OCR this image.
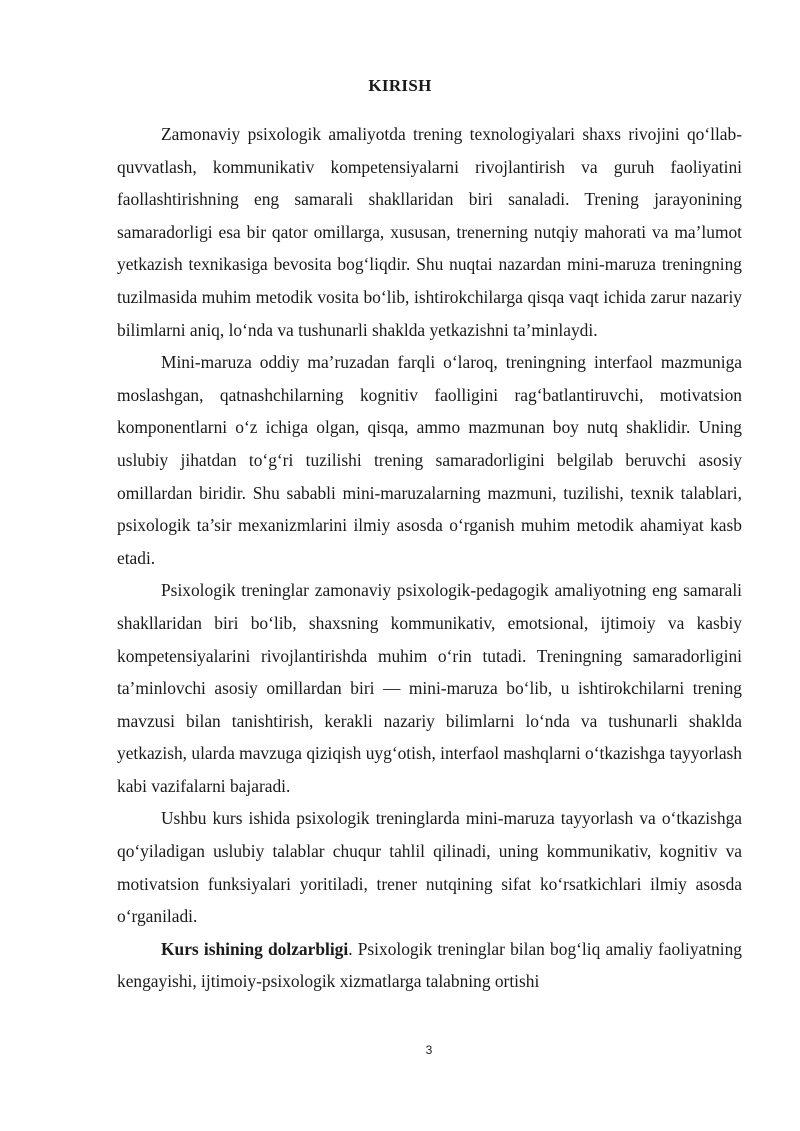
KIRISH

Zamonaviy psixologik amaliyotda trening texnologiyalari shaxs rivojini qo‘llab-quvvatlash, kommunikativ kompetensiyalarni rivojlantirish va guruh faoliyatini faollashtirishning eng samarali shakllaridan biri sanaladi. Trening jarayonining samaradorligi esa bir qator omillarga, xususan, trenerning nutqiy mahorati va ma’lumot yetkazish texnikasiga bevosita bog‘liqdir. Shu nuqtai nazardan mini-maruza treningning tuzilmasida muhim metodik vosita bo‘lib, ishtirokchilarga qisqa vaqt ichida zarur nazariy bilimlarni aniq, lo‘nda va tushunarli shaklda yetkazishni ta’minlaydi.

Mini-maruza oddiy ma’ruzadan farqli o‘laroq, treningning interfaol mazmuniga moslashgan, qatnashchilarning kognitiv faolligini rag‘batlantiruvchi, motivatsion komponentlarni o‘z ichiga olgan, qisqa, ammo mazmunan boy nutq shaklidir. Uning uslubiy jihatdan to‘g‘ri tuzilishi trening samaradorligini belgilab beruvchi asosiy omillardan biridir. Shu sababli mini-maruzalarning mazmuni, tuzilishi, texnik talablari, psixologik ta’sir mexanizmlarini ilmiy asosda o‘rganish muhim metodik ahamiyat kasb etadi.

Psixologik treninglar zamonaviy psixologik-pedagogik amaliyotning eng samarali shakllaridan biri bo‘lib, shaxsning kommunikativ, emotsional, ijtimoiy va kasbiy kompetensiyalarini rivojlantirishda muhim o‘rin tutadi. Treningning samaradorligini ta’minlovchi asosiy omillardan biri — mini-maruza bo‘lib, u ishtirokchilarni trening mavzusi bilan tanishtirish, kerakli nazariy bilimlarni lo‘nda va tushunarli shaklda yetkazish, ularda mavzuga qiziqish uyg‘otish, interfaol mashqlarni o‘tkazishga tayyorlash kabi vazifalarni bajaradi.

Ushbu kurs ishida psixologik treninglarda mini-maruza tayyorlash va o‘tkazishga qo‘yiladigan uslubiy talablar chuqur tahlil qilinadi, uning kommunikativ, kognitiv va motivatsion funksiyalari yoritiladi, trener nutqining sifat ko‘rsatkichlari ilmiy asosda o‘rganiladi.

Kurs ishining dolzarbligi. Psixologik treninglar bilan bog‘liq amaliy faoliyatning kengayishi, ijtimoiy-psixologik xizmatlarga talabning ortishi

3
